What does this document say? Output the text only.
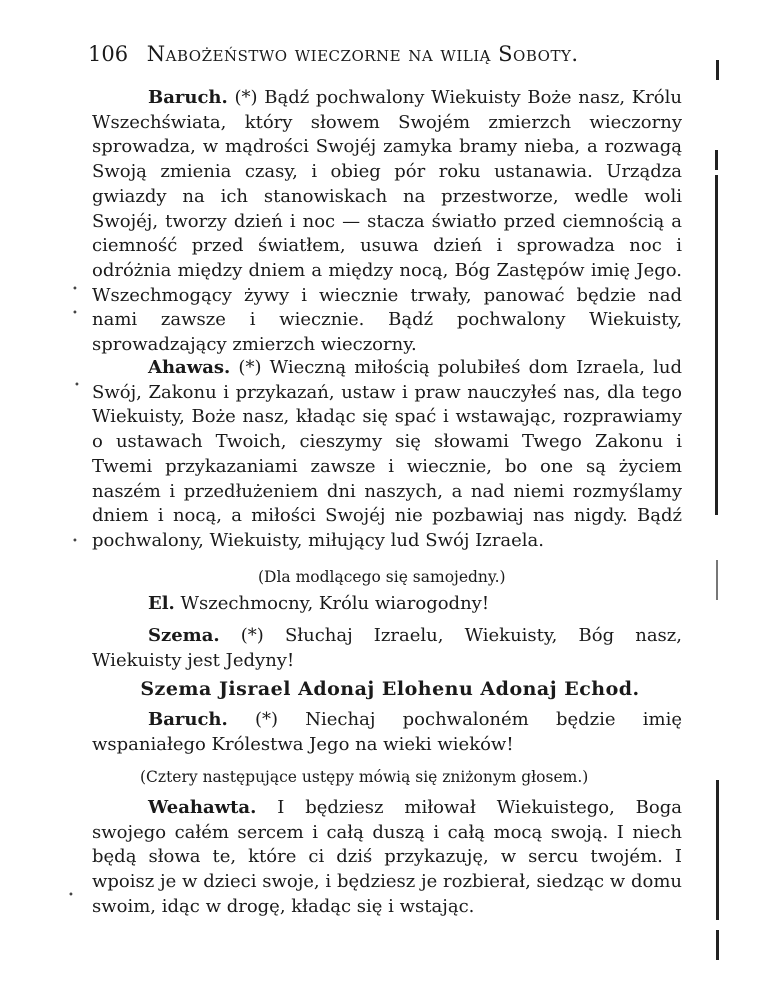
106 Nabożeństwo wieczorne na wilią Soboty.
Baruch. (*) Bądź pochwalony Wiekuisty Boże nasz, Królu Wszechświata, który słowem Swojém zmierzch wieczorny sprowadza, w mądrości Swojéj zamyka bramy nieba, a rozwagą Swoją zmienia czasy, i obieg pór roku ustanawia. Urządza gwiazdy na ich stanowiskach na przestworze, wedle woli Swojéj, tworzy dzień i noc — stacza światło przed ciemnością a ciemność przed światłem, usuwa dzień i sprowadza noc i odróżnia między dniem a między nocą, Bóg Zastępów imię Jego. Wszechmogący żywy i wiecznie trwały, panować będzie nad nami zawsze i wiecznie. Bądź pochwalony Wiekuisty, sprowadzający zmierzch wieczorny.
Ahawas. (*) Wieczną miłością polubiłeś dom Izraela, lud Swój, Zakonu i przykazań, ustaw i praw nauczyłeś nas, dla tego Wiekuisty, Boże nasz, kładąc się spać i wstawając, rozprawiamy o ustawach Twoich, cieszymy się słowami Twego Zakonu i Twemi przykazaniami zawsze i wiecznie, bo one są życiem naszém i przedłużeniem dni naszych, a nad niemi rozmyślamy dniem i nocą, a miłości Swojéj nie pozbawiaj nas nigdy. Bądź pochwalony, Wiekuisty, miłujący lud Swój Izraela.
(Dla modlącego się samojedny.)
El. Wszechmocny, Królu wiarogodny!
Szema. (*) Słuchaj Izraelu, Wiekuisty, Bóg nasz, Wiekuisty jest Jedyny!
Szema Jisrael Adonaj Elohenu Adonaj Echod.
Baruch. (*) Niechaj pochwaloném będzie imię wspaniałego Królestwa Jego na wieki wieków!
(Cztery następujące ustępy mówią się zniżonym głosem.)
Weahawta. I będziesz miłował Wiekuistego, Boga swojego całém sercem i całą duszą i całą mocą swoją. I niech będą słowa te, które ci dziś przykazuję, w sercu twojém. I wpoisz je w dzieci swoje, i będziesz je rozbierał, siedząc w domu swoim, idąc w drogę, kładąc się i wstając.
•
•
•
•
•
